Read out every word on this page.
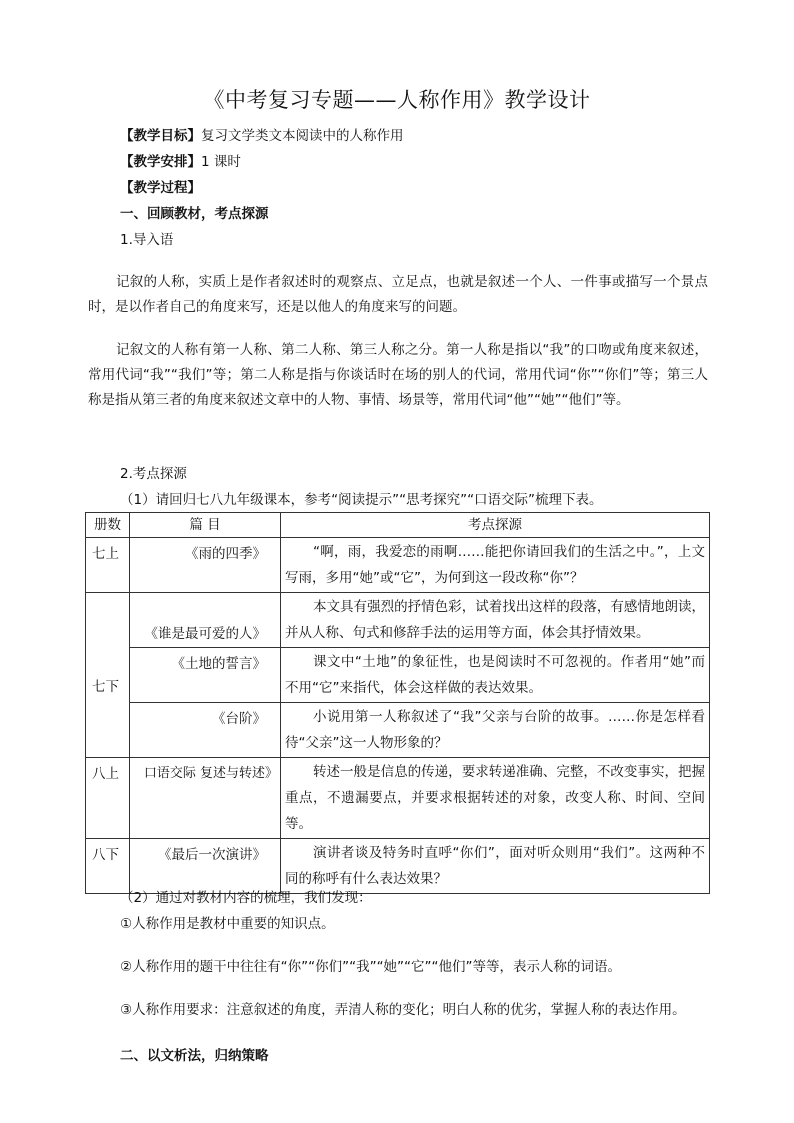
《中考复习专题——人称作用》教学设计
【教学目标】复习文学类文本阅读中的人称作用
【教学安排】1 课时
【教学过程】
一、回顾教材，考点探源
1.导入语

记叙的人称，实质上是作者叙述时的观察点、立足点，也就是叙述一个人、一件事或描写一个景点时，是以作者自己的角度来写，还是以他人的角度来写的问题。

记叙文的人称有第一人称、第二人称、第三人称之分。第一人称是指以“我”的口吻或角度来叙述，常用代词“我”“我们”等；第二人称是指与你谈话时在场的别人的代词，常用代词“你”“你们”等；第三人称是指从第三者的角度来叙述文章中的人物、事情、场景等，常用代词“他”“她”“他们”等。

2.考点探源
（1）请回归七八九年级课本，参考“阅读提示”“思考探究”“口语交际”梳理下表。
册数	篇 目	考点探源
七上	《雨的四季》	“啊，雨，我爱恋的雨啊……能把你请回我们的生活之中。”，上文写雨，多用“她”或“它”，为何到这一段改称“你”？

七下	《谁是最可爱的人》	本文具有强烈的抒情色彩，试着找出这样的段落，有感情地朗读，并从人称、句式和修辞手法的运用等方面，体会其抒情效果。

	《土地的誓言》	课文中“土地”的象征性，也是阅读时不可忽视的。作者用“她”而不用“它”来指代，体会这样做的表达效果。

	《台阶》	小说用第一人称叙述了“我”父亲与台阶的故事。……你是怎样看待“父亲”这一人物形象的？

八上	口语交际 复述与转述》	转述一般是信息的传递，要求转递准确、完整，不改变事实，把握重点，不遗漏要点，并要求根据转述的对象，改变人称、时间、空间等。

八下	《最后一次演讲》	演讲者谈及特务时直呼“你们”，面对听众则用“我们”。这两种不同的称呼有什么表达效果？
（2）通过对教材内容的梳理，我们发现：
①人称作用是教材中重要的知识点。
②人称作用的题干中往往有“你”“你们”“我”“她”“它”“他们”等等，表示人称的词语。
③人称作用要求：注意叙述的角度，弄清人称的变化；明白人称的优劣，掌握人称的表达作用。
二、以文析法，归纳策略
